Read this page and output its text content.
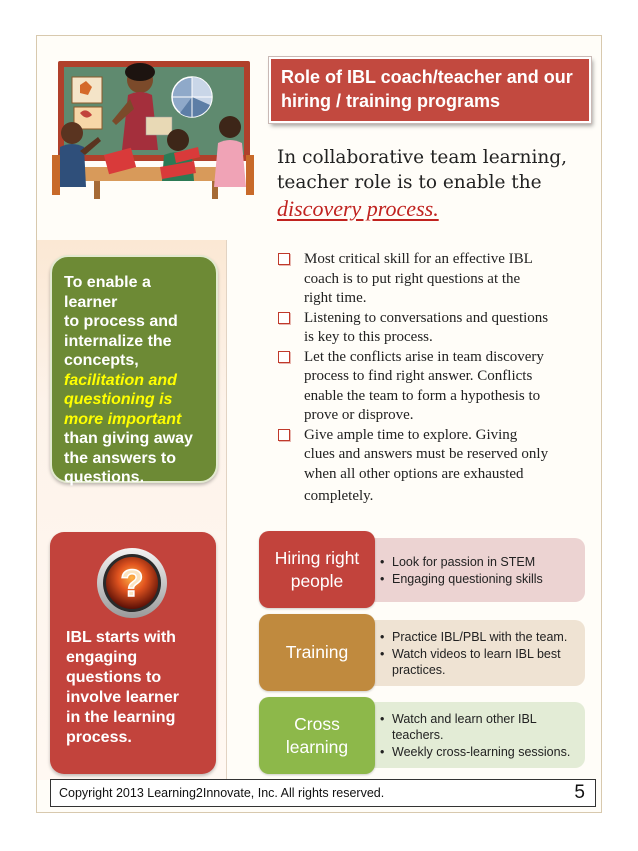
Role of IBL coach/teacher and our
hiring / training programs
In collaborative team learning,
teacher role is to enable the
discovery process.
Most critical skill for an effective IBL
coach is to put right questions at the
right time.
Listening to conversations and questions
is key to this process.
Let the conflicts arise in team discovery
process to find right answer. Conflicts
enable the team to form a hypothesis to
prove or disprove.
Give ample time to explore. Giving
clues and answers must be reserved only
when all other options are exhausted
completely.
To enable a learner
to process and
internalize the
concepts,
facilitation and
questioning is
more important
than giving away
the answers to
questions.
?
IBL starts with
engaging
questions to
involve learner
in the learning
process.
• Look for passion in STEM
• Engaging questioning skills
Hiring right
people
• Practice IBL/PBL with the team.
• Watch videos to learn IBL best practices.
Training
• Watch and learn other IBL teachers.
• Weekly cross-learning sessions.
Cross
learning
Copyright 2013 Learning2Innovate, Inc. All rights reserved.	5
